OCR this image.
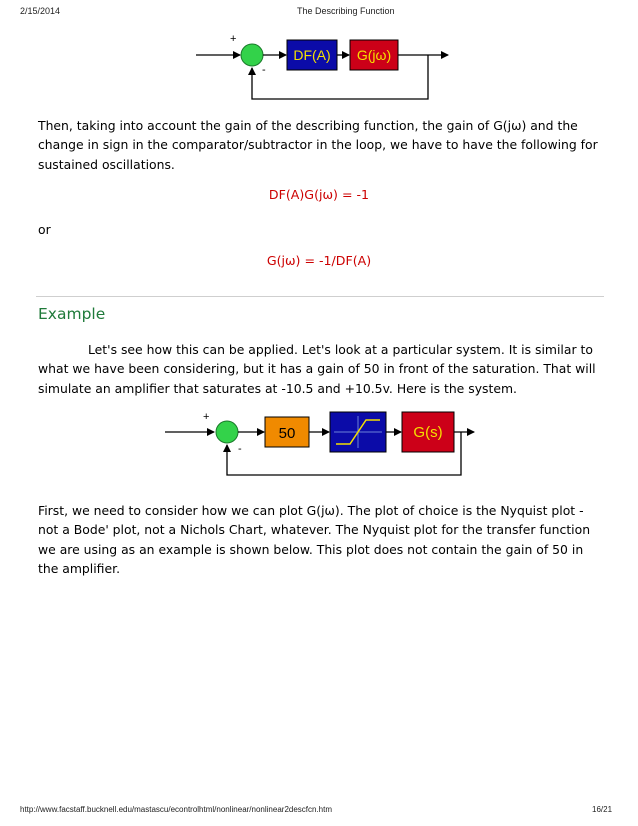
2/15/2014	The Describing Function
+
-
DF(A) G(jω)
Then, taking into account the gain of the describing function, the gain of G(jω) and the change in sign in the comparator/subtractor in the loop, we have to have the following for sustained oscillations.
DF(A)G(jω) = -1
or
G(jω) = -1/DF(A)
Example
Let's see how this can be applied. Let's look at a particular system. It is similar to what we have been considering, but it has a gain of 50 in front of the saturation. That will simulate an amplifier that saturates at -10.5 and +10.5v. Here is the system.
+
-
50	G(s)
First, we need to consider how we can plot G(jω). The plot of choice is the Nyquist plot - not a Bode' plot, not a Nichols Chart, whatever. The Nyquist plot for the transfer function we are using as an example is shown below. This plot does not contain the gain of 50 in the amplifier.
http://www.facstaff.bucknell.edu/mastascu/econtrolhtml/nonlinear/nonlinear2descfcn.htm	16/21
